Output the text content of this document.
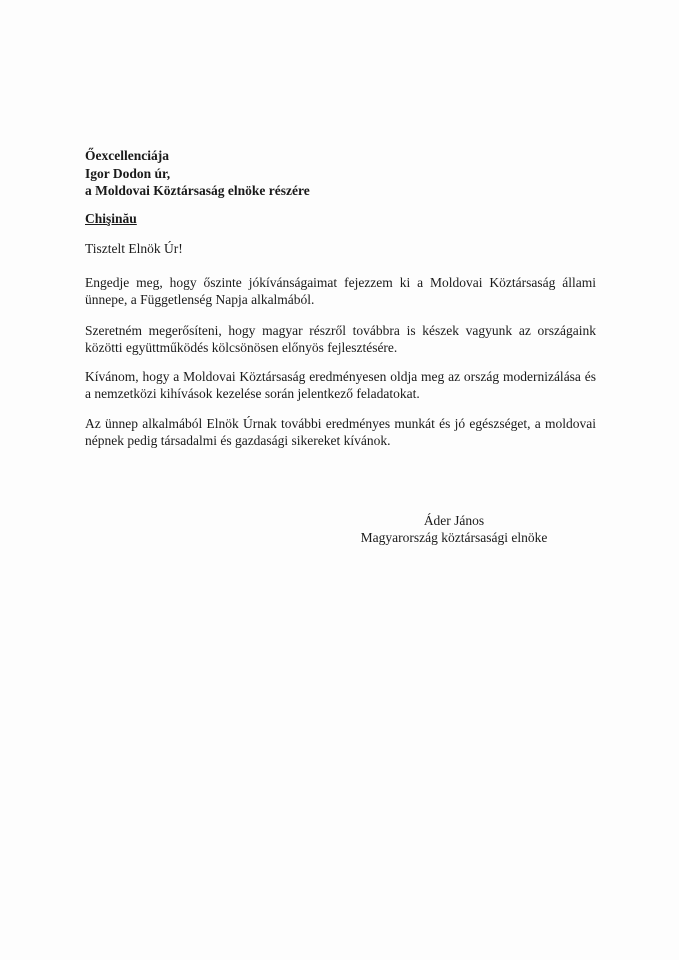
Őexcellenciája
Igor Dodon úr,
a Moldovai Köztársaság elnöke részére
Chişinău
Tisztelt Elnök Úr!
Engedje meg, hogy őszinte jókívánságaimat fejezzem ki a Moldovai Köztársaság állami ünnepe, a Függetlenség Napja alkalmából.
Szeretném megerősíteni, hogy magyar részről továbbra is készek vagyunk az országaink közötti együttműködés kölcsönösen előnyös fejlesztésére.
Kívánom, hogy a Moldovai Köztársaság eredményesen oldja meg az ország modernizálása és a nemzetközi kihívások kezelése során jelentkező feladatokat.
Az ünnep alkalmából Elnök Úrnak további eredményes munkát és jó egészséget, a moldovai népnek pedig társadalmi és gazdasági sikereket kívánok.
Áder János
Magyarország köztársasági elnöke
